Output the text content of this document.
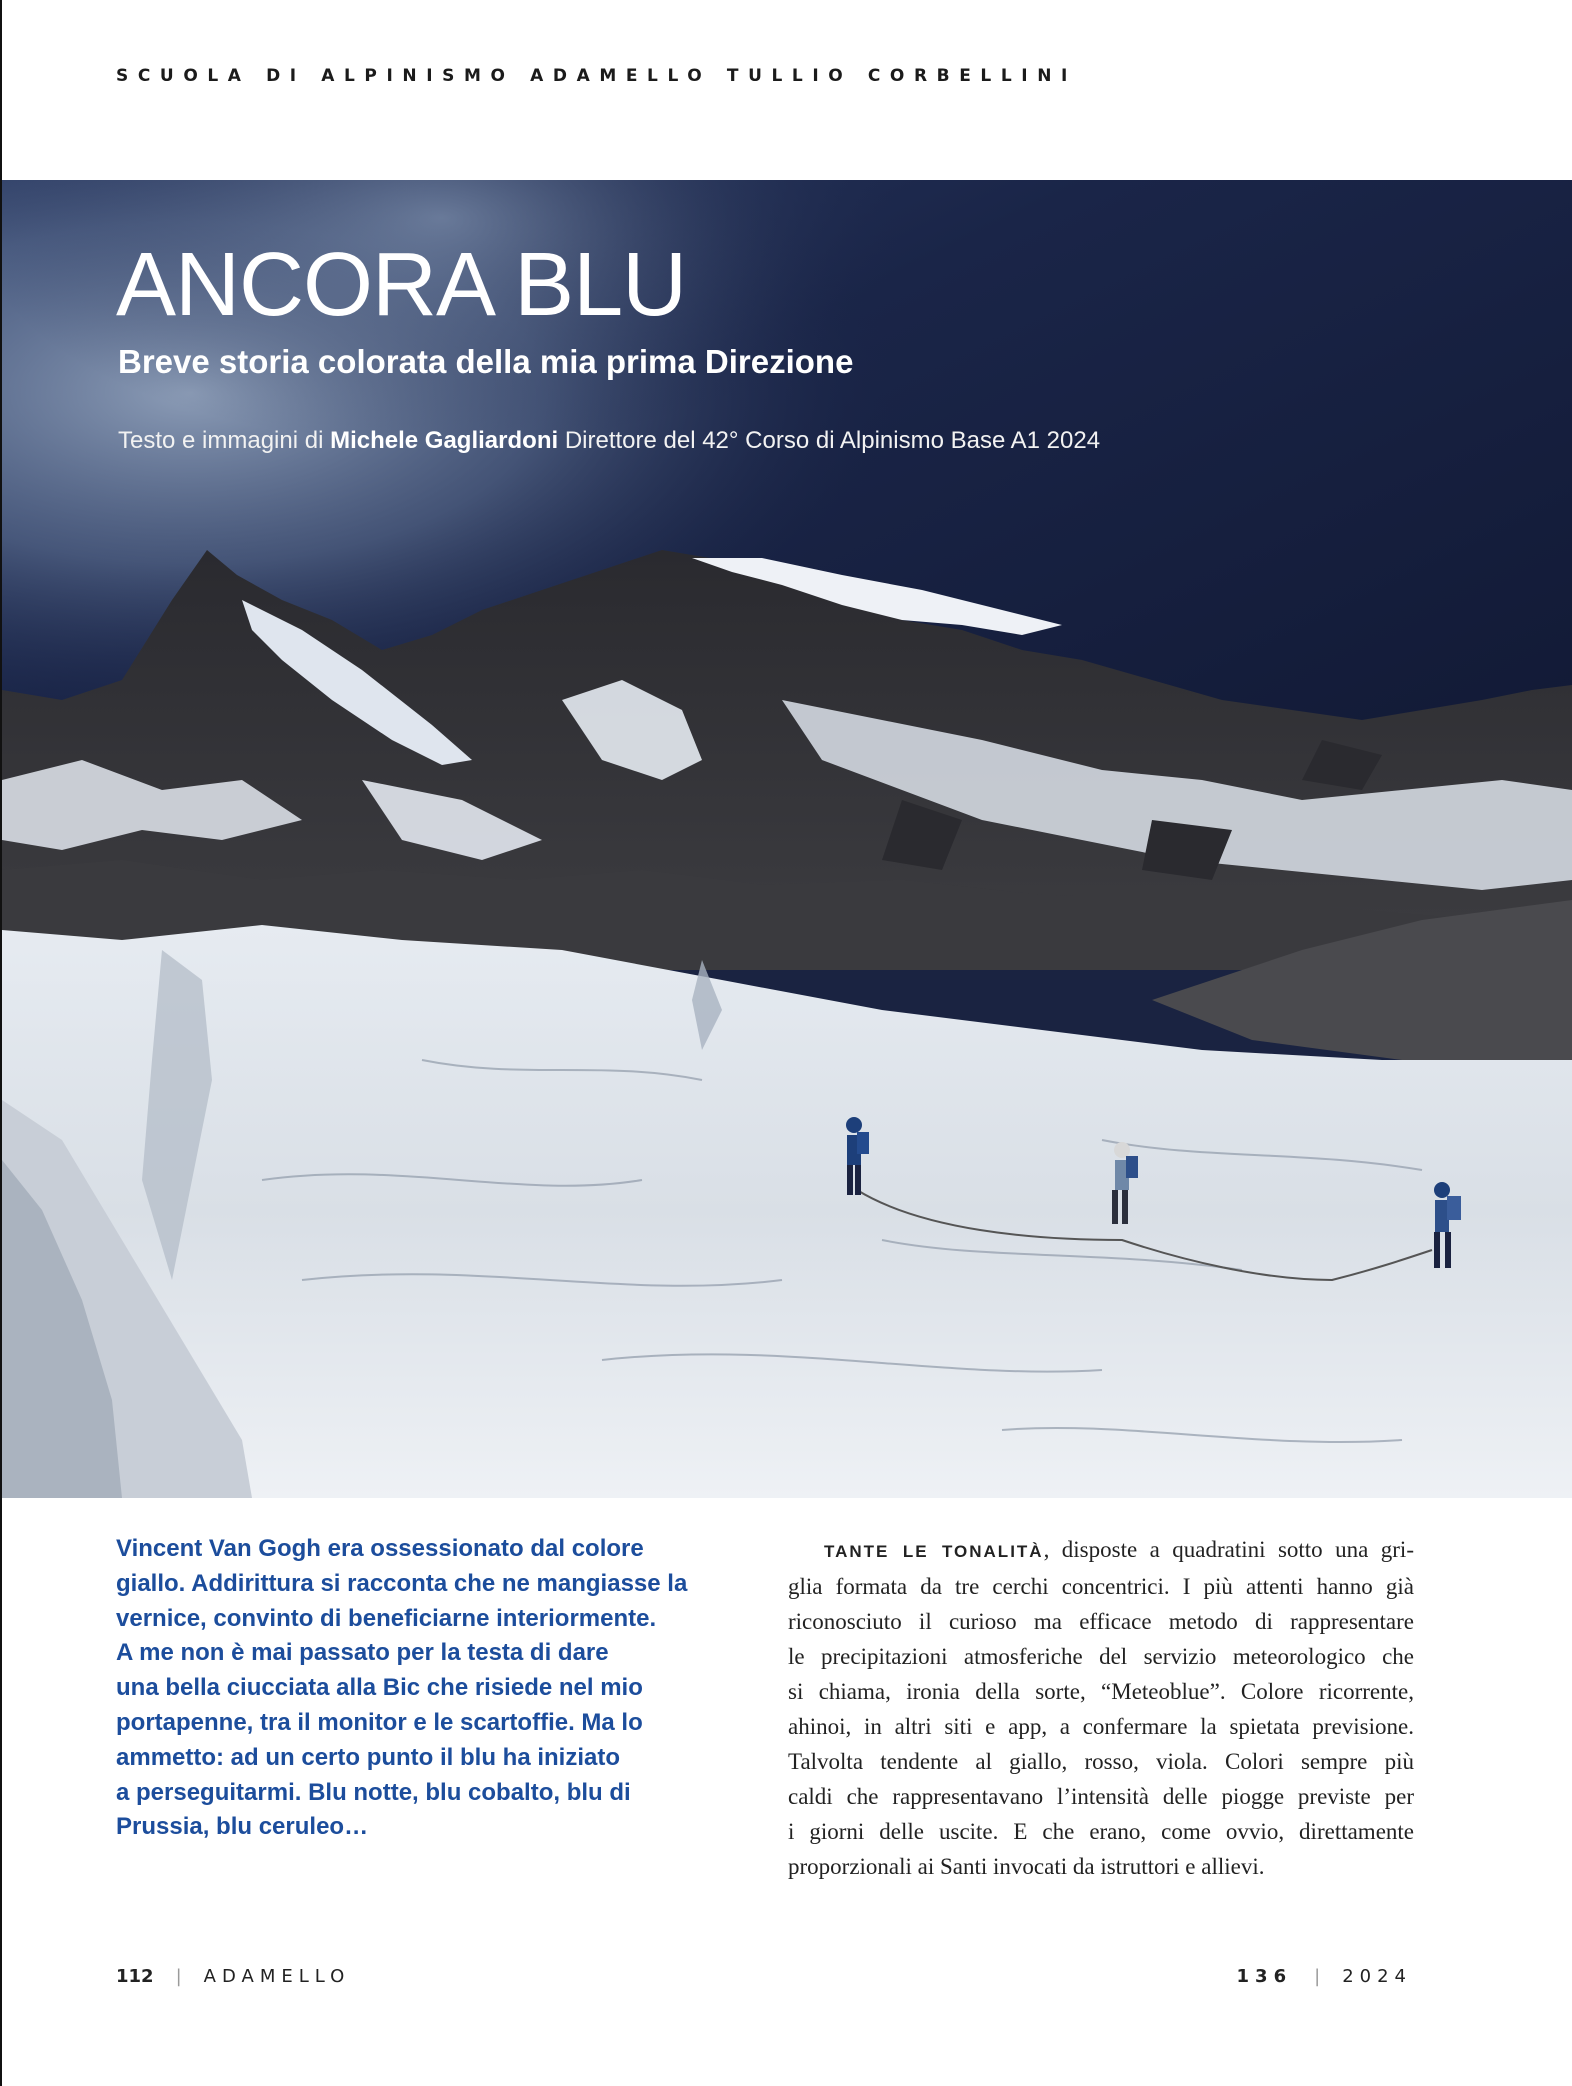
SCUOLA DI ALPINISMO ADAMELLO TULLIO CORBELLINI
ANCORA BLU
Breve storia colorata della mia prima Direzione
Testo e immagini di Michele Gagliardoni Direttore del 42° Corso di Alpinismo Base A1 2024
Vincent Van Gogh era ossessionato dal colore
giallo. Addirittura si racconta che ne mangiasse la
vernice, convinto di beneficiarne interiormente.
A me non è mai passato per la testa di dare
una bella ciucciata alla Bic che risiede nel mio
portapenne, tra il monitor e le scartoffie. Ma lo
ammetto: ad un certo punto il blu ha iniziato
a perseguitarmi. Blu notte, blu cobalto, blu di
Prussia, blu ceruleo…
TANTE LE TONALITÀ, disposte a quadratini sotto una gri-
glia formata da tre cerchi concentrici. I più attenti hanno già
riconosciuto il curioso ma efficace metodo di rappresentare
le precipitazioni atmosferiche del servizio meteorologico che
si chiama, ironia della sorte, “Meteoblue”. Colore ricorrente,
ahinoi, in altri siti e app, a confermare la spietata previsione.
Talvolta tendente al giallo, rosso, viola. Colori sempre più
caldi che rappresentavano l’intensità delle piogge previste per
i giorni delle uscite. E che erano, come ovvio, direttamente
proporzionali ai Santi invocati da istruttori e allievi.
112 | ADAMELLO	136 | 2024
